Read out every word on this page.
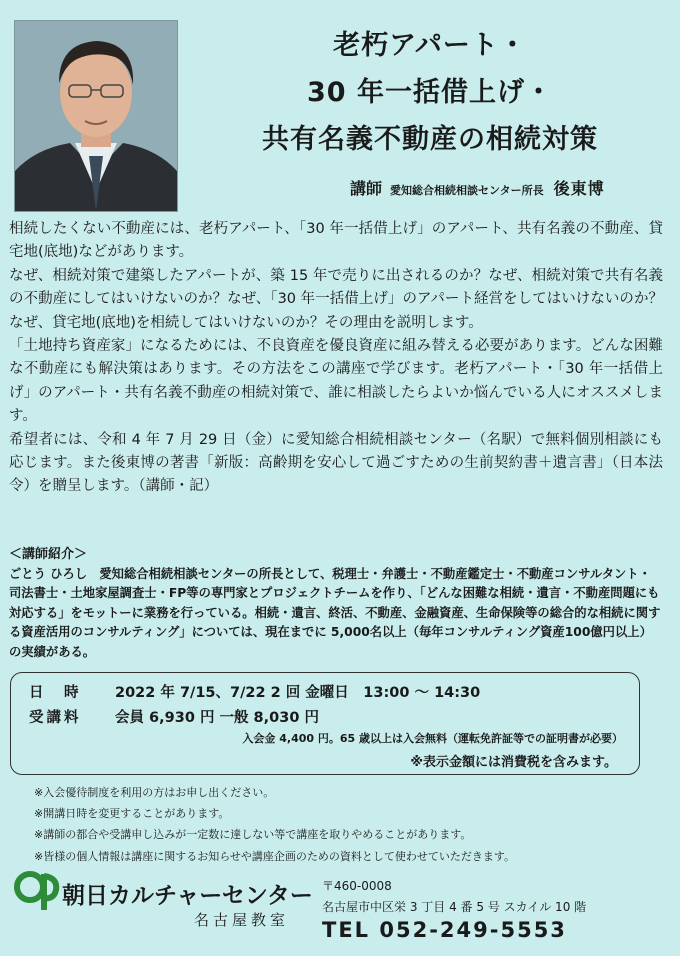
老朽アパート・
30 年一括借上げ・
共有名義不動産の相続対策
講師 愛知総合相続相談センター所長 後東博

相続したくない不動産には、老朽アパート、「30 年一括借上げ」のアパート、共有名義の不動産、貸宅地(底地)などがあります。

なぜ、相続対策で建築したアパートが、築 15 年で売りに出されるのか？なぜ、相続対策で共有名義の不動産にしてはいけないのか？なぜ、「30 年一括借上げ」のアパート経営をしてはいけないのか？なぜ、貸宅地(底地)を相続してはいけないのか？その理由を説明します。

「土地持ち資産家」になるためには、不良資産を優良資産に組み替える必要があります。どんな困難な不動産にも解決策はあります。その方法をこの講座で学びます。老朽アパート・「30 年一括借上げ」のアパート・共有名義不動産の相続対策で、誰に相談したらよいか悩んでいる人にオススメします。

希望者には、令和 4 年 7 月 29 日（金）に愛知総合相続相談センター（名駅）で無料個別相談にも応じます。また後東博の著書「新版：高齢期を安心して過ごすための生前契約書＋遺言書」（日本法令）を贈呈します。（講師・記）

＜講師紹介＞
ごとう ひろし　愛知総合相続相談センターの所長として、税理士・弁護士・不動産鑑定士・不動産コンサルタント・司法書士・土地家屋調査士・FP等の専門家とプロジェクトチームを作り、「どんな困難な相続・遺言・不動産問題にも対応する」をモットーに業務を行っている。相続・遺言、終活、不動産、金融資産、生命保険等の総合的な相続に関する資産活用のコンサルティング」については、現在までに 5,000名以上（毎年コンサルティング資産100億円以上）の実績がある。
日　時 2022 年 7/15、7/22 2 回 金曜日　13:00 ～ 14:30
受講料 会員 6,930 円 一般 8,030 円
入会金 4,400 円。65 歳以上は入会無料（運転免許証等での証明書が必要）
※表示金額には消費税を含みます。
※入会優待制度を利用の方はお申し出ください。
※開講日時を変更することがあります。
※講師の都合や受講申し込みが一定数に達しない等で講座を取りやめることがあります。
※皆様の個人情報は講座に関するお知らせや講座企画のための資料として使わせていただきます。
朝日カルチャーセンター
名古屋教室
〒460-0008
名古屋市中区栄 3 丁目 4 番 5 号 スカイル 10 階
TEL 052-249-5553
